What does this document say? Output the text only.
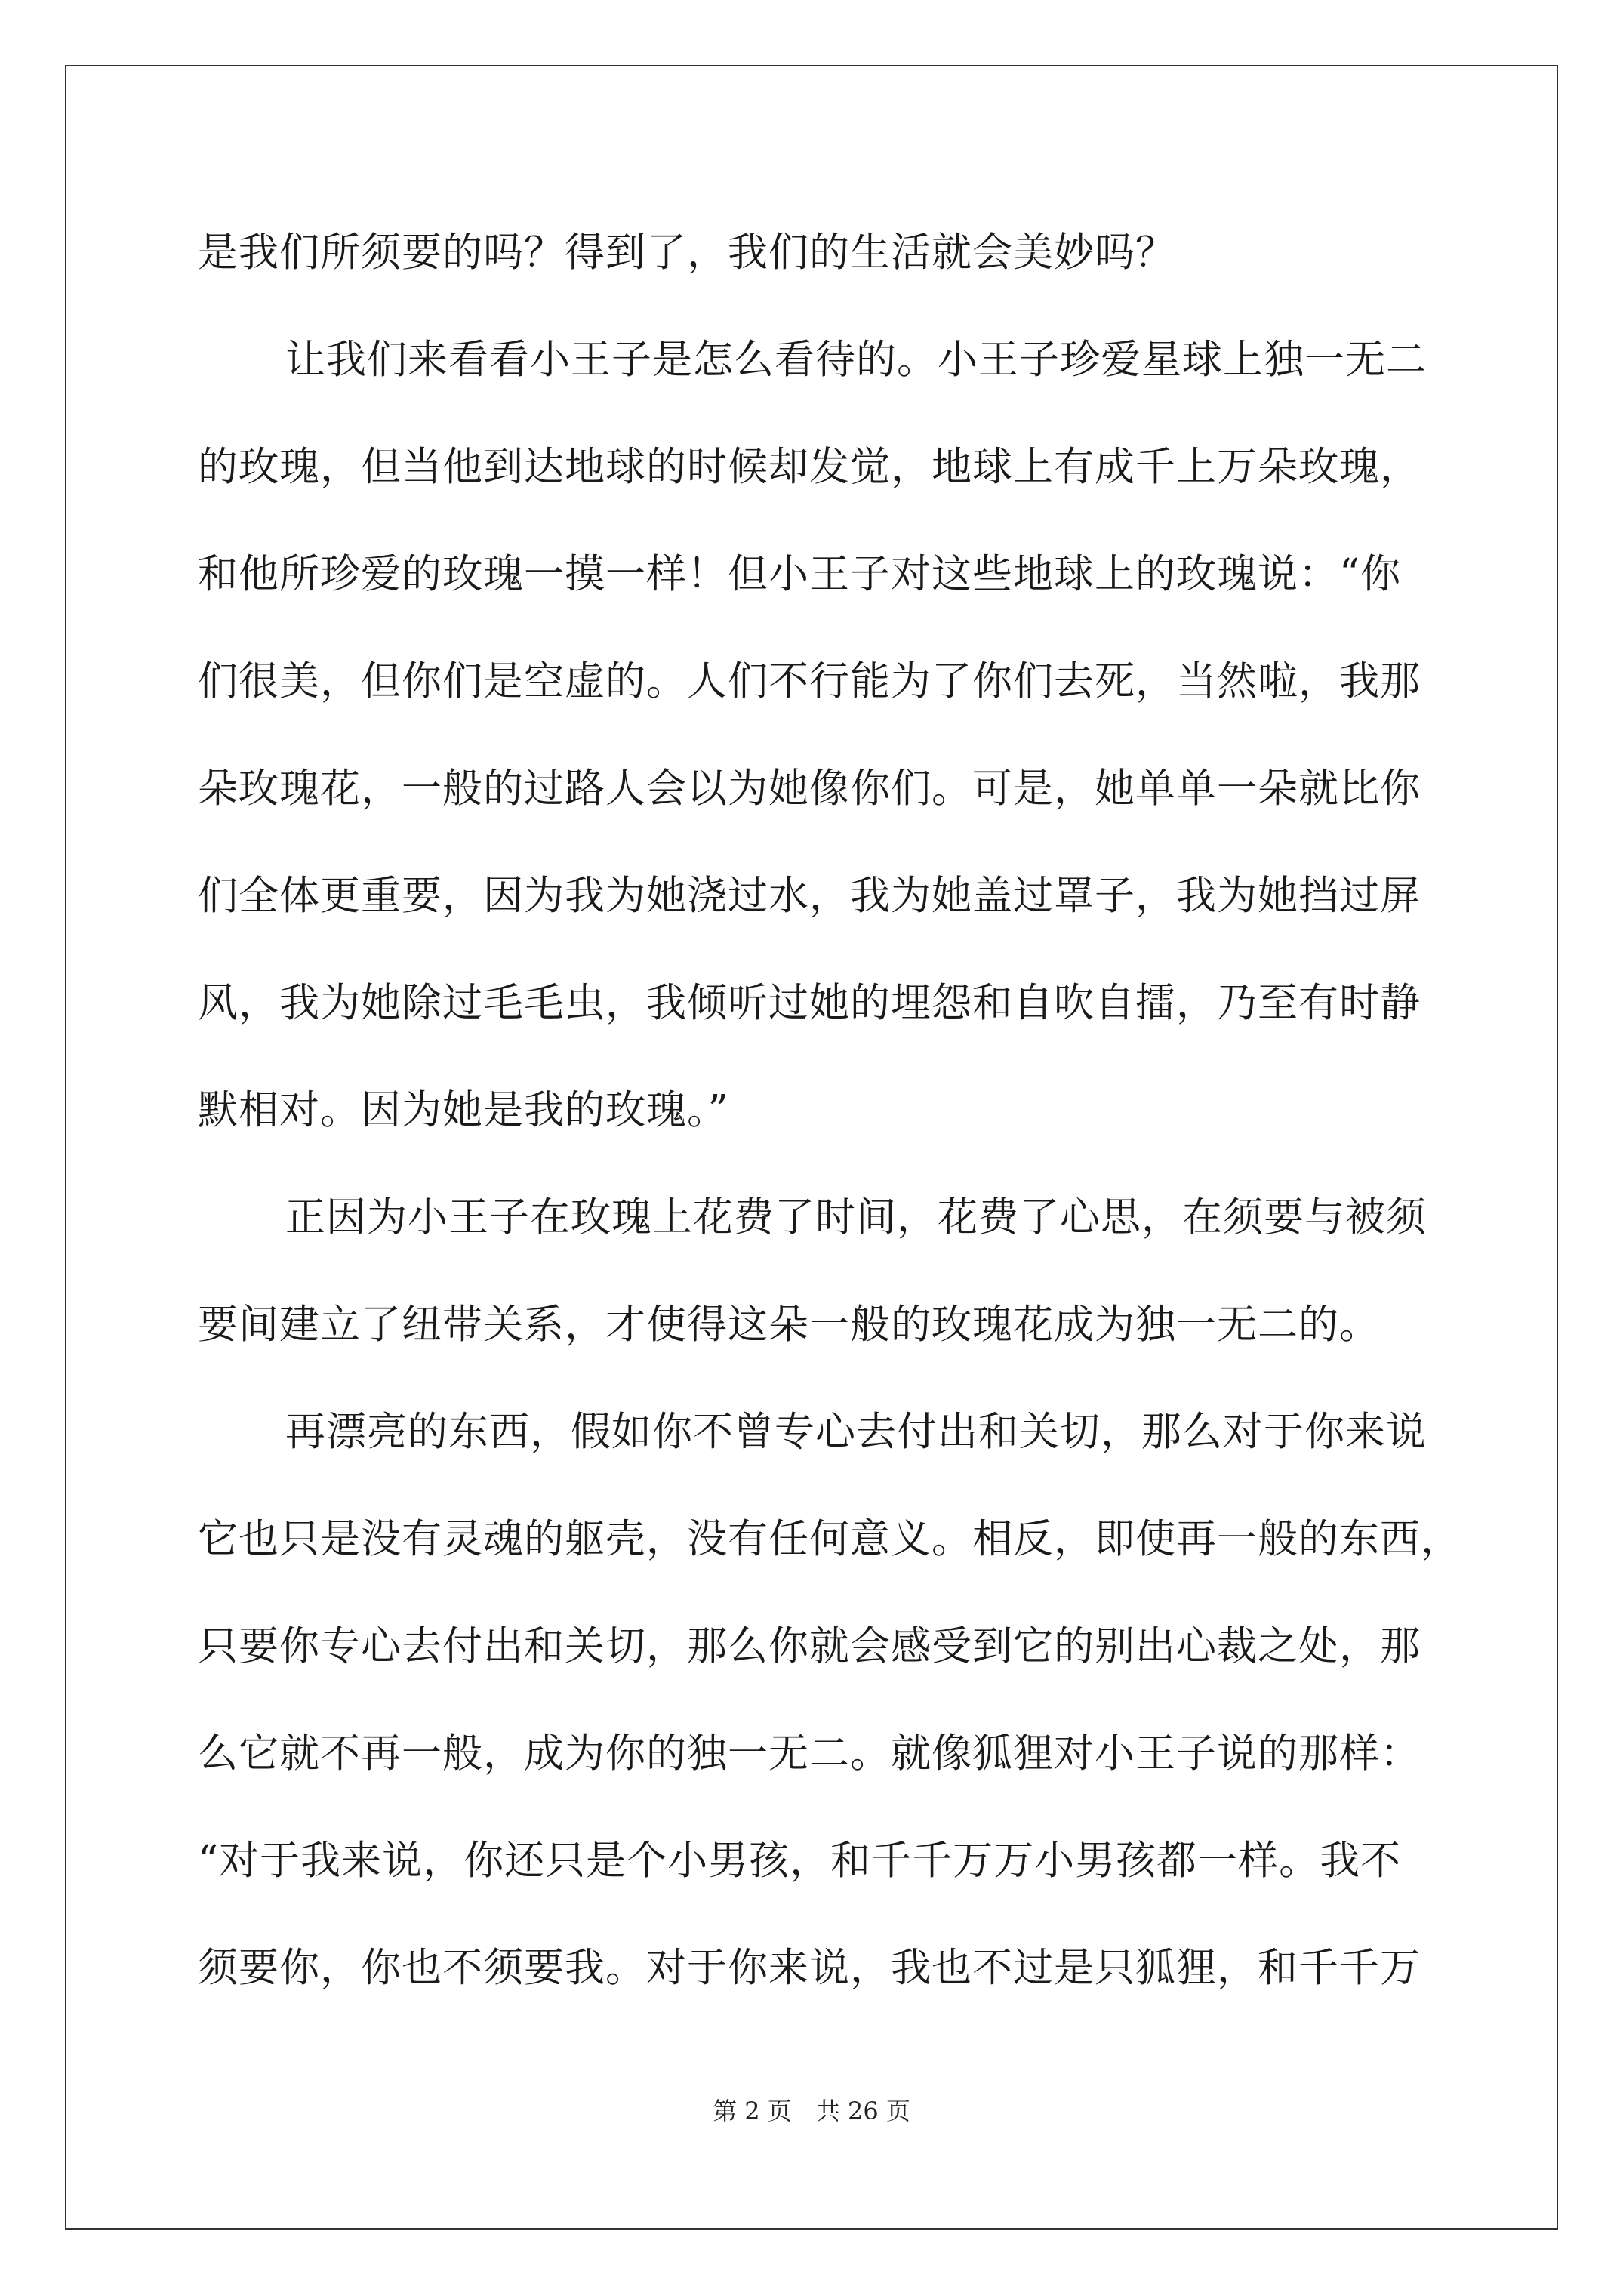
是我们所须要的吗？得到了，我们的生活就会美妙吗？
让我们来看看小王子是怎么看待的。小王子珍爱星球上独一无二
的玫瑰，但当他到达地球的时候却发觉，地球上有成千上万朵玫瑰，
和他所珍爱的玫瑰一摸一样！但小王子对这些地球上的玫瑰说：“你
们很美，但你们是空虚的。人们不行能为了你们去死，当然啦，我那
朵玫瑰花，一般的过路人会以为她像你们。可是，她单单一朵就比你
们全体更重要，因为我为她浇过水，我为她盖过罩子，我为她挡过屏
风，我为她除过毛毛虫，我倾听过她的埋怨和自吹自擂，乃至有时静
默相对。因为她是我的玫瑰。”
正因为小王子在玫瑰上花费了时间，花费了心思，在须要与被须
要间建立了纽带关系，才使得这朵一般的玫瑰花成为独一无二的。
再漂亮的东西，假如你不曾专心去付出和关切，那么对于你来说
它也只是没有灵魂的躯壳，没有任何意义。相反，即使再一般的东西，
只要你专心去付出和关切，那么你就会感受到它的别出心裁之处，那
么它就不再一般，成为你的独一无二。就像狐狸对小王子说的那样：
“对于我来说，你还只是个小男孩，和千千万万小男孩都一样。我不
须要你，你也不须要我。对于你来说，我也不过是只狐狸，和千千万
第 2 页 共 26 页
